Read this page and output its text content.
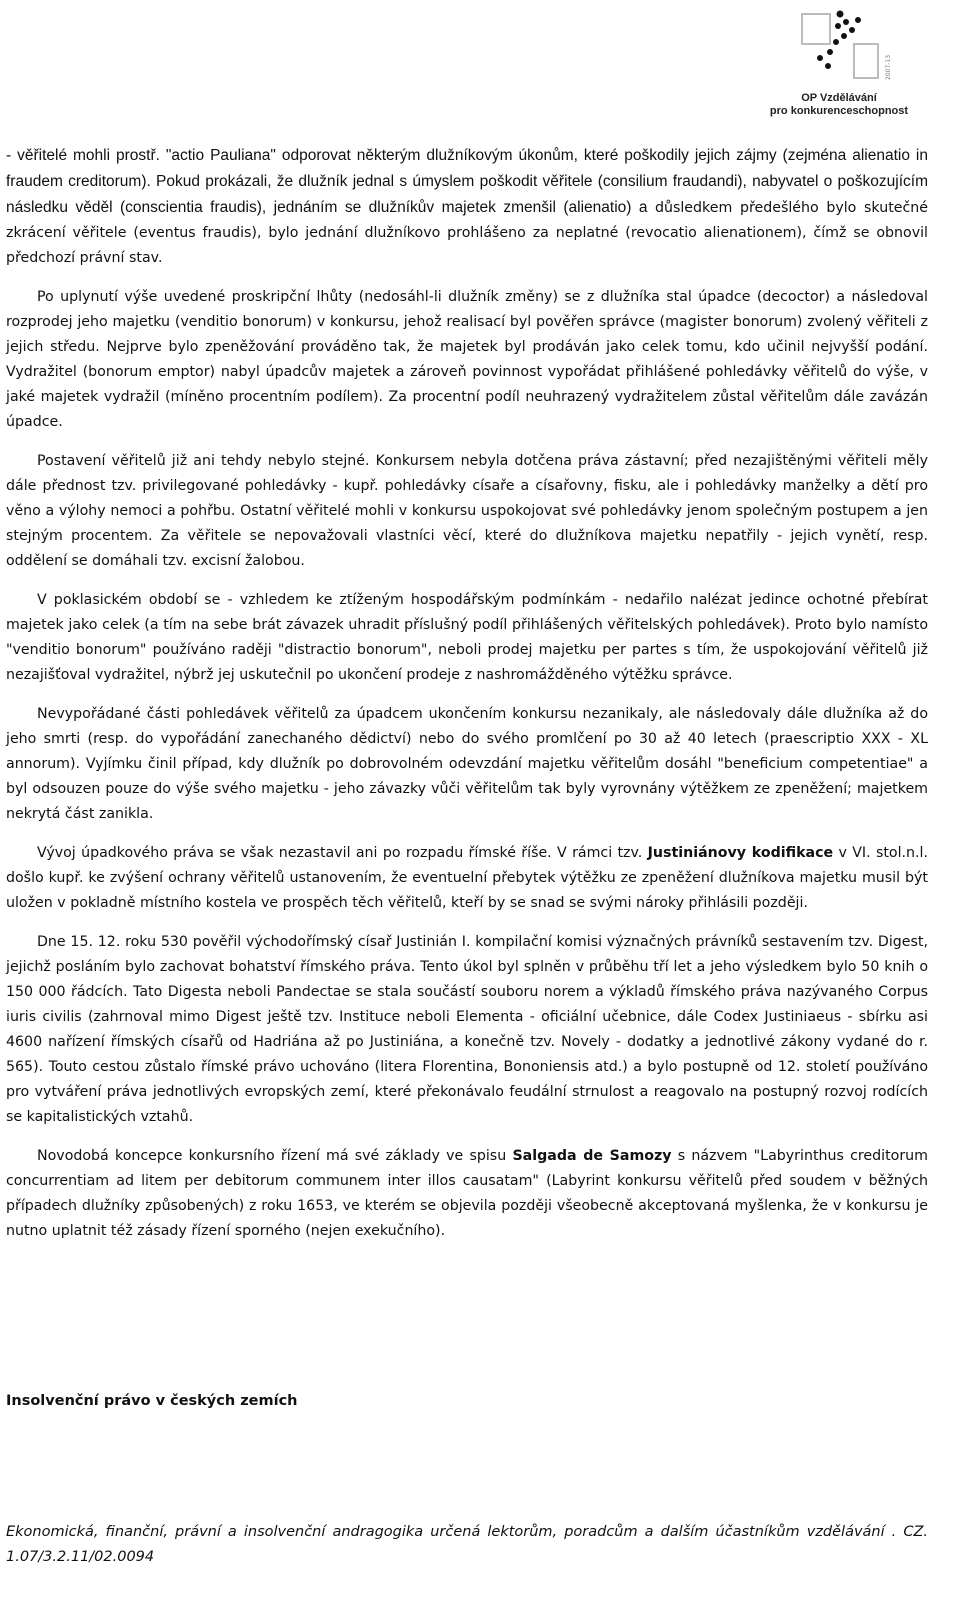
2007-13
OP Vzdělávání
pro konkurenceschopnost

- věřitelé mohli prostř. "actio Pauliana" odporovat některým dlužníkovým úkonům, které poškodily jejich zájmy (zejména alienatio in fraudem creditorum). Pokud prokázali, že dlužník jednal s úmyslem poškodit věřitele (consilium fraudandi), nabyvatel o poškozujícím následku věděl (conscientia fraudis), jednáním se dlužníkův majetek zmenšil (alienatio) a důsledkem předešlého bylo skutečné zkrácení věřitele (eventus fraudis), bylo jednání dlužníkovo prohlášeno za neplatné (revocatio alienationem), čímž se obnovil předchozí právní stav.

Po uplynutí výše uvedené proskripční lhůty (nedosáhl-li dlužník změny) se z dlužníka stal úpadce (decoctor) a následoval rozprodej jeho majetku (venditio bonorum) v konkursu, jehož realisací byl pověřen správce (magister bonorum) zvolený věřiteli z jejich středu. Nejprve bylo zpeněžování prováděno tak, že majetek byl prodáván jako celek tomu, kdo učinil nejvyšší podání. Vydražitel (bonorum emptor) nabyl úpadcův majetek a zároveň povinnost vypořádat přihlášené pohledávky věřitelů do výše, v jaké majetek vydražil (míněno procentním podílem). Za procentní podíl neuhrazený vydražitelem zůstal věřitelům dále zavázán úpadce.

Postavení věřitelů již ani tehdy nebylo stejné. Konkursem nebyla dotčena práva zástavní; před nezajištěnými věřiteli měly dále přednost tzv. privilegované pohledávky - kupř. pohledávky císaře a císařovny, fisku, ale i pohledávky manželky a dětí pro věno a výlohy nemoci a pohřbu. Ostatní věřitelé mohli v konkursu uspokojovat své pohledávky jenom společným postupem a jen stejným procentem. Za věřitele se nepovažovali vlastníci věcí, které do dlužníkova majetku nepatřily - jejich vynětí, resp. oddělení se domáhali tzv. excisní žalobou.

V poklasickém období se - vzhledem ke ztíženým hospodářským podmínkám - nedařilo nalézat jedince ochotné přebírat majetek jako celek (a tím na sebe brát závazek uhradit příslušný podíl přihlášených věřitelských pohledávek). Proto bylo namísto "venditio bonorum" používáno raději "distractio bonorum", neboli prodej majetku per partes s tím, že uspokojování věřitelů již nezajišťoval vydražitel, nýbrž jej uskutečnil po ukončení prodeje z nashromážděného výtěžku správce.

Nevypořádané části pohledávek věřitelů za úpadcem ukončením konkursu nezanikaly, ale následovaly dále dlužníka až do jeho smrti (resp. do vypořádání zanechaného dědictví) nebo do svého promlčení po 30 až 40 letech (praescriptio XXX - XL annorum). Vyjímku činil případ, kdy dlužník po dobrovolném odevzdání majetku věřitelům dosáhl "beneficium competentiae" a byl odsouzen pouze do výše svého majetku - jeho závazky vůči věřitelům tak byly vyrovnány výtěžkem ze zpeněžení; majetkem nekrytá část zanikla.

Vývoj úpadkového práva se však nezastavil ani po rozpadu římské říše. V rámci tzv. Justiniánovy kodifikace v VI. stol.n.l. došlo kupř. ke zvýšení ochrany věřitelů ustanovením, že eventuelní přebytek výtěžku ze zpeněžení dlužníkova majetku musil být uložen v pokladně místního kostela ve prospěch těch věřitelů, kteří by se snad se svými nároky přihlásili později.

Dne 15. 12. roku 530 pověřil východořímský císař Justinián I. kompilační komisi význačných právníků sestavením tzv. Digest, jejichž posláním bylo zachovat bohatství římského práva. Tento úkol byl splněn v průběhu tří let a jeho výsledkem bylo 50 knih o 150 000 řádcích. Tato Digesta neboli Pandectae se stala součástí souboru norem a výkladů římského práva nazývaného Corpus iuris civilis (zahrnoval mimo Digest ještě tzv. Instituce neboli Elementa - oficiální učebnice, dále Codex Justiniaeus - sbírku asi 4600 nařízení římských císařů od Hadriána až po Justiniána, a konečně tzv. Novely - dodatky a jednotlivé zákony vydané do r. 565). Touto cestou zůstalo římské právo uchováno (litera Florentina, Bononiensis atd.) a bylo postupně od 12. století používáno pro vytváření práva jednotlivých evropských zemí, které překonávalo feudální strnulost a reagovalo na postupný rozvoj rodících se kapitalistických vztahů.

Novodobá koncepce konkursního řízení má své základy ve spisu Salgada de Samozy s názvem "Labyrinthus creditorum concurrentiam ad litem per debitorum communem inter illos causatam" (Labyrint konkursu věřitelů před soudem v běžných případech dlužníky způsobených) z roku 1653, ve kterém se objevila později všeobecně akceptovaná myšlenka, že v konkursu je nutno uplatnit též zásady řízení sporného (nejen exekučního).

Insolvenční právo v českých zemích
Ekonomická, finanční, právní a insolvenční andragogika určená lektorům, poradcům a dalším účastníkům vzdělávání . CZ. 1.07/3.2.11/02.0094
